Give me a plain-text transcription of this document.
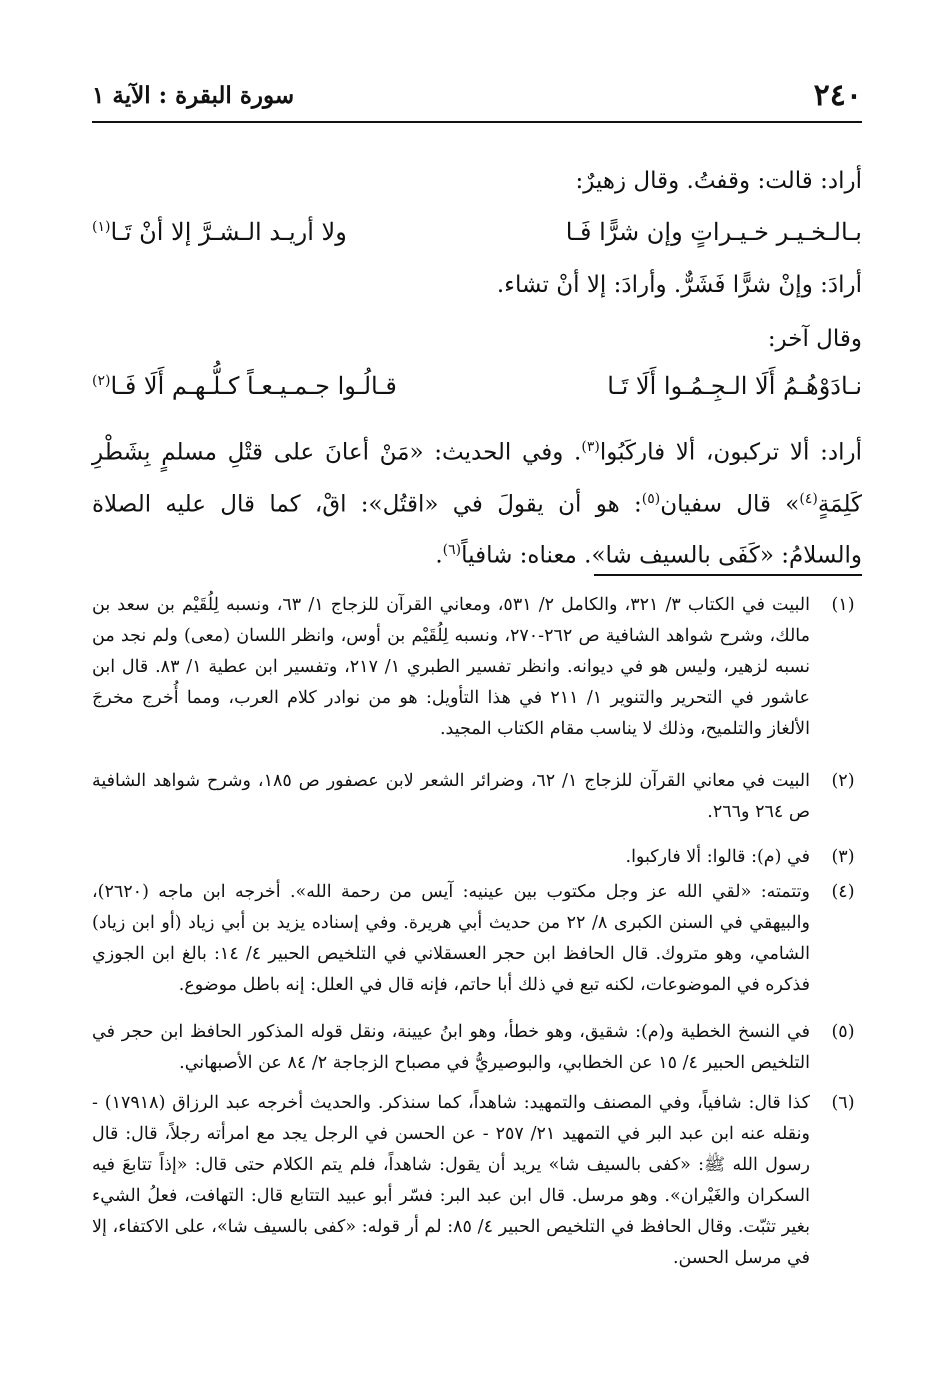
٢٤٠
سورة البقرة : الآية ١
أراد: قالت: وقفتُ. وقال زهيرٌ:
بـالـخـيـر خـيـراتٍ وإن شرًّا فَـا
ولا أريـد الـشـرَّ إلا أنْ تَـا$^{(١)}$
أرادَ: وإنْ شرًّا فَشَرٌّ. وأرادَ: إلا أنْ تشاء.
وقال آخر:
نـادَوْهُـمُ أَلَا الـجِـمُـوا أَلَا تَـا
قـالُـوا جـمـيـعـاً كـلُّـهـم أَلَا فَـا$^{(٢)}$
أراد: ألا تركبون، ألا فاركَبُوا$^{(٣)}$. وفي الحديث: «مَنْ أعانَ على قتْلِ مسلمٍ بِشَطْرِ كَلِمَةٍ$^{(٤)}$» قال سفيان$^{(٥)}$: هو أن يقولَ في «اقتُل»: اقْ، كما قال عليه الصلاة والسلامُ: «كَفَى بالسيف شا». معناه: شافياً$^{(٦)}$.
(١)
البيت في الكتاب ٣/ ٣٢١، والكامل ٢/ ٥٣١، ومعاني القرآن للزجاج ١/ ٦٣، ونسبه لِلُقَيْم بن سعد بن مالك، وشرح شواهد الشافية ص ٢٦٢-٢٧٠، ونسبه لِلُقَيْم بن أوس، وانظر اللسان (معى) ولم نجد من نسبه لزهير، وليس هو في ديوانه. وانظر تفسير الطبري ١/ ٢١٧، وتفسير ابن عطية ١/ ٨٣. قال ابن عاشور في التحرير والتنوير ١/ ٢١١ في هذا التأويل: هو من نوادر كلام العرب، ومما أُخرج مخرجَ الألغاز والتلميح، وذلك لا يناسب مقام الكتاب المجيد.
(٢)
البيت في معاني القرآن للزجاج ١/ ٦٢، وضرائر الشعر لابن عصفور ص ١٨٥، وشرح شواهد الشافية ص ٢٦٤ و٢٦٦.
(٣)
في (م): قالوا: ألا فاركبوا.
(٤)
وتتمته: «لقي الله عز وجل مكتوب بين عينيه: آيس من رحمة الله». أخرجه ابن ماجه (٢٦٢٠)، والبيهقي في السنن الكبرى ٨/ ٢٢ من حديث أبي هريرة. وفي إسناده يزيد بن أبي زياد (أو ابن زياد) الشامي، وهو متروك. قال الحافظ ابن حجر العسقلاني في التلخيص الحبير ٤/ ١٤: بالغ ابن الجوزي فذكره في الموضوعات، لكنه تبع في ذلك أبا حاتم، فإنه قال في العلل: إنه باطل موضوع.
(٥)
في النسخ الخطية و(م): شقيق، وهو خطأ، وهو ابنُ عيينة، ونقل قوله المذكور الحافظ ابن حجر في التلخيص الحبير ٤/ ١٥ عن الخطابي، والبوصيريُّ في مصباح الزجاجة ٢/ ٨٤ عن الأصبهاني.
(٦)
كذا قال: شافياً، وفي المصنف والتمهيد: شاهداً، كما سنذكر. والحديث أخرجه عبد الرزاق (١٧٩١٨) - ونقله عنه ابن عبد البر في التمهيد ٢١/ ٢٥٧ - عن الحسن في الرجل يجد مع امرأته رجلاً، قال: قال رسول الله ﷺ: «كفى بالسيف شا» يريد أن يقول: شاهداً، فلم يتم الكلام حتى قال: «إذاً تتابعَ فيه السكران والغَيْران». وهو مرسل. قال ابن عبد البر: فسّر أبو عبيد التتابع قال: التهافت، فعلُ الشيء بغير تثبّت. وقال الحافظ في التلخيص الحبير ٤/ ٨٥: لم أر قوله: «كفى بالسيف شا»، على الاكتفاء، إلا في مرسل الحسن.
